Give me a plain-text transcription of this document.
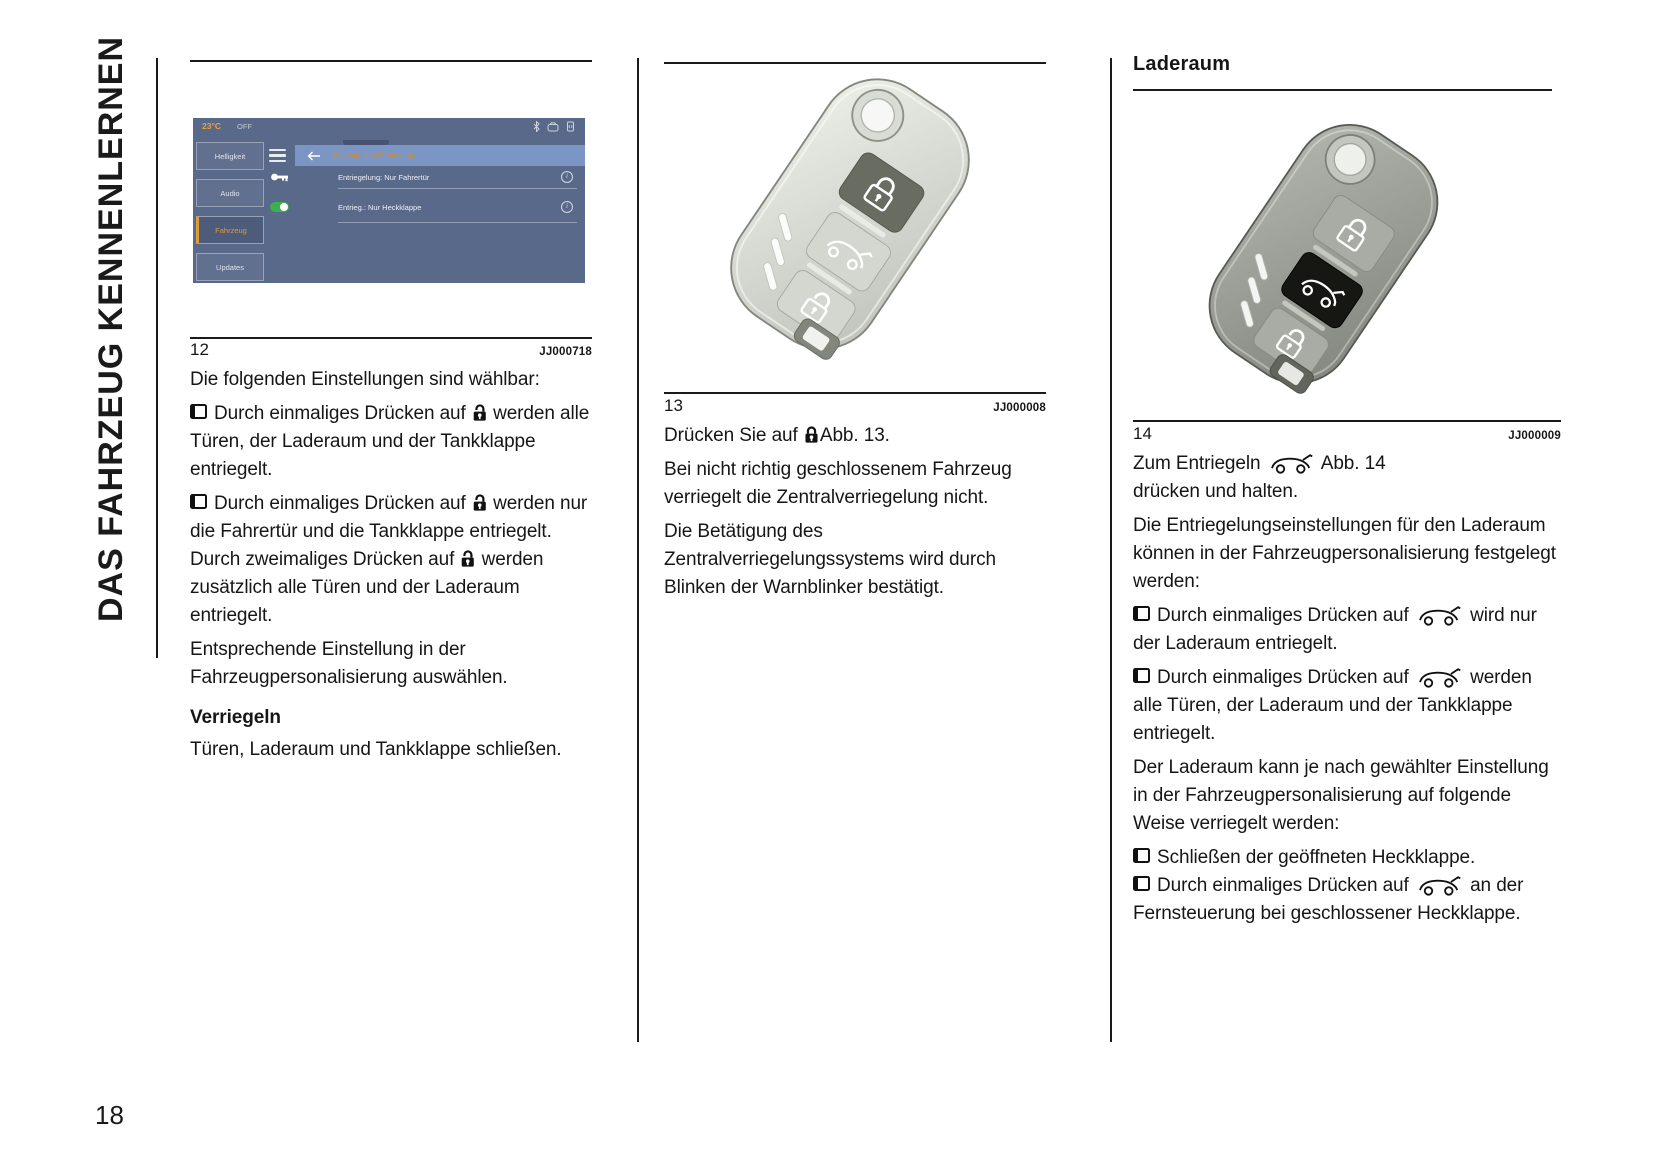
DAS FAHRZEUG KENNENLERNEN
18
23°C OFF
Helligkeit
Audio
Fahrzeug
Updates
Zugang zum Fahrzeug
Entriegelung: Nur Fahrertür	i
Entrieg.: Nur Heckklappe	i
12	JJ000718

Die folgenden Einstellungen sind wählbar:

Durch einmaliges Drücken auf werden alle Türen, der Laderaum und der Tankklappe entriegelt.

Durch einmaliges Drücken auf werden nur die Fahrertür und die Tankklappe entriegelt. Durch zweimaliges Drücken auf werden zusätzlich alle Türen und der Laderaum entriegelt.

Entsprechende Einstellung in der Fahrzeugpersonalisierung auswählen.

Verriegeln

Türen, Laderaum und Tankklappe schließen.

13	JJ000008

Drücken Sie auf Abb. 13.

Bei nicht richtig geschlossenem Fahrzeug verriegelt die Zentralverriegelung nicht.

Die Betätigung des Zentralverriegelungssystems wird durch Blinken der Warnblinker bestätigt.

Laderaum
14	JJ000009

Zum Entriegeln	Abb. 14

drücken und halten.

Die Entriegelungseinstellungen für den Laderaum können in der Fahrzeugpersonalisierung festgelegt werden:

Durch einmaliges Drücken auf	wird nur der Laderaum entriegelt.

Durch einmaliges Drücken auf	werden alle Türen, der Laderaum und der Tankklappe entriegelt.

Der Laderaum kann je nach gewählter Einstellung in der Fahrzeugpersonalisierung auf folgende Weise verriegelt werden:

Schließen der geöffneten Heckklappe.

Durch einmaliges Drücken auf	an der Fernsteuerung bei geschlossener Heckklappe.
